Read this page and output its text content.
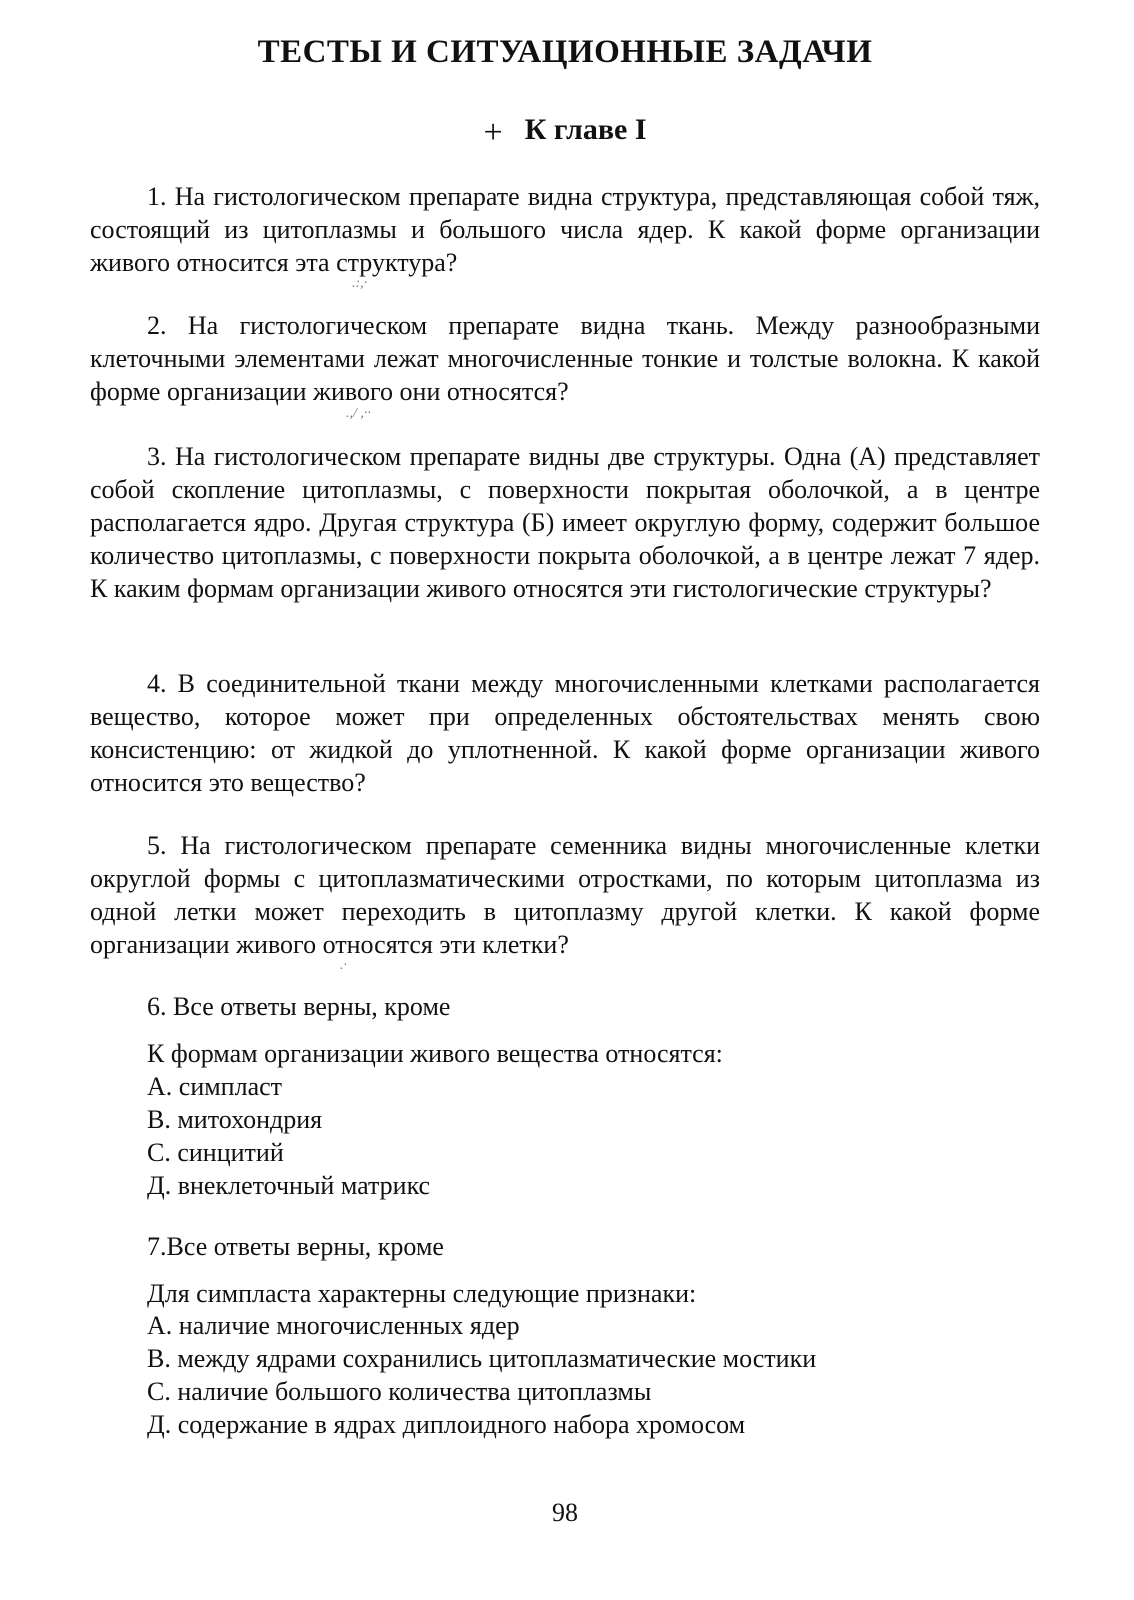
ТЕСТЫ И СИТУАЦИОННЫЕ ЗАДАЧИ
+ К главе I

1. На гистологическом препарате видна структура, представляющая собой тяж, состоящий из цитоплазмы и большого числа ядер. К какой форме организации живого относится эта структура?

.:,·

2. На гистологическом препарате видна ткань. Между разнообразными клеточными элементами лежат многочисленные тонкие и толстые волокна. К какой форме организации живого они относятся?

.,/ ,··

3. На гистологическом препарате видны две структуры. Одна (А) представляет собой скопление цитоплазмы, с поверхности покрытая оболочкой, а в центре располагается ядро. Другая структура (Б) имеет округлую форму, содержит большое количество цитоплазмы, с поверхности покрыта оболочкой, а в центре лежат 7 ядер. К каким формам организации живого относятся эти гистологические структуры?

4. В соединительной ткани между многочисленными клетками располагается вещество, которое может при определенных обстоятельствах менять свою консистенцию: от жидкой до уплотненной. К какой форме организации живого относится это вещество?

5. На гистологическом препарате семенника видны многочисленные клетки округлой формы с цитоплазматическими отростками, по которым цитоплазма из одной летки может переходить в цитоплазму другой клетки. К какой форме организации живого относятся эти клетки?

.·

6. Все ответы верны, кроме

К формам организации живого вещества относятся:

А. симпласт
В. митохондрия
С. синцитий
Д. внеклеточный матрикс

7.Все ответы верны, кроме

Для симпласта характерны следующие признаки:

А. наличие многочисленных ядер
В. между ядрами сохранились цитоплазматические мостики
С. наличие большого количества цитоплазмы
Д. содержание в ядрах диплоидного набора хромосом
98
